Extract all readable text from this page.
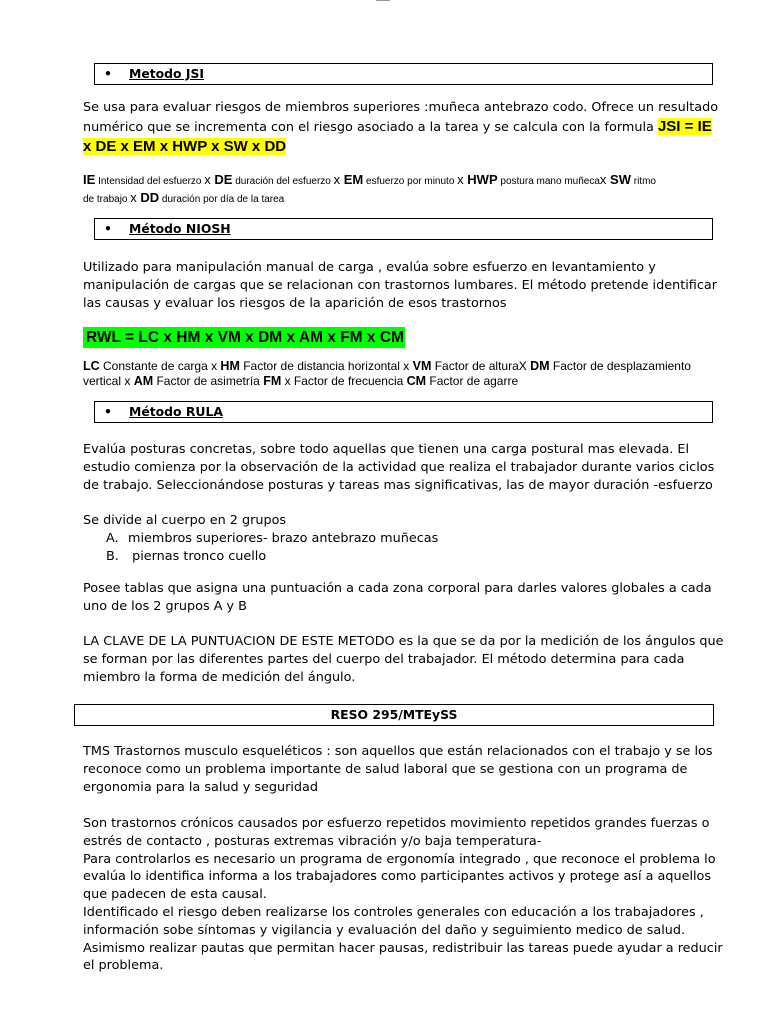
• Metodo JSI
Se usa para evaluar riesgos de miembros superiores :muñeca antebrazo codo. Ofrece un resultado
numérico que se incrementa con el riesgo asociado a la tarea y se calcula con la formula JSI = IE
x DE x EM x HWP x SW x DD
IE Intensidad del esfuerzo x DE duración del esfuerzo x EM esfuerzo por minuto x HWP postura mano muñecax SW ritmo
de trabajo x DD duración por día de la tarea
• Método NIOSH
Utilizado para manipulación manual de carga , evalúa sobre esfuerzo en levantamiento y
manipulación de cargas que se relacionan con trastornos lumbares. El método pretende identificar
las causas y evaluar los riesgos de la aparición de esos trastornos
RWL = LC x HM x VM x DM x AM x FM x CM
LC Constante de carga x HM Factor de distancia horizontal x VM Factor de alturaX DM Factor de desplazamiento
vertical x AM Factor de asimetría FM x Factor de frecuencia CM Factor de agarre
• Método RULA
Evalúa posturas concretas, sobre todo aquellas que tienen una carga postural mas elevada. El
estudio comienza por la observación de la actividad que realiza el trabajador durante varios ciclos
de trabajo. Seleccionándose posturas y tareas mas significativas, las de mayor duración -esfuerzo
Se divide al cuerpo en 2 grupos
A. miembros superiores- brazo antebrazo muñecas
B. piernas tronco cuello
Posee tablas que asigna una puntuación a cada zona corporal para darles valores globales a cada
uno de los 2 grupos A y B
LA CLAVE DE LA PUNTUACION DE ESTE METODO es la que se da por la medición de los ángulos que
se forman por las diferentes partes del cuerpo del trabajador. El método determina para cada
miembro la forma de medición del ángulo.
RESO 295/MTEySS
TMS Trastornos musculo esqueléticos : son aquellos que están relacionados con el trabajo y se los
reconoce como un problema importante de salud laboral que se gestiona con un programa de
ergonomia para la salud y seguridad
Son trastornos crónicos causados por esfuerzo repetidos movimiento repetidos grandes fuerzas o
estrés de contacto , posturas extremas vibración y/o baja temperatura-
Para controlarlos es necesario un programa de ergonomía integrado , que reconoce el problema lo
evalúa lo identifica informa a los trabajadores como participantes activos y protege así a aquellos
que padecen de esta causal.
Identificado el riesgo deben realizarse los controles generales con educación a los trabajadores ,
información sobe síntomas y vigilancia y evaluación del daño y seguimiento medico de salud.
Asimismo realizar pautas que permitan hacer pausas, redistribuir las tareas puede ayudar a reducir
el problema.
